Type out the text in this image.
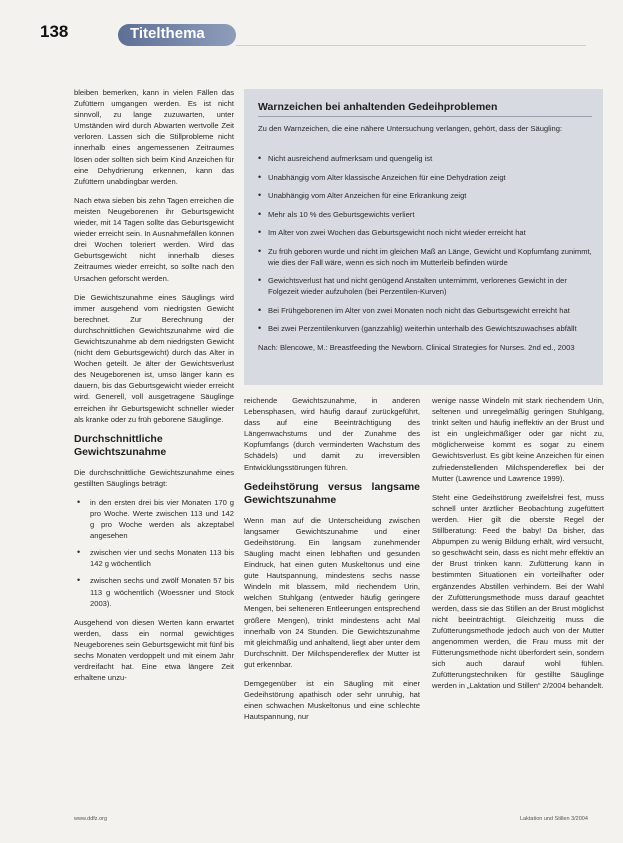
138	Titelthema
Warnzeichen bei anhaltenden Gedeihproblemen
Zu den Warnzeichen, die eine nähere Untersuchung verlangen, gehört, dass der Säugling:
• Nicht ausreichend aufmerksam und quengelig ist
• Unabhängig vom Alter klassische Anzeichen für eine Dehydration zeigt
• Unabhängig vom Alter Anzeichen für eine Erkrankung zeigt
• Mehr als 10 % des Geburtsgewichts verliert
• Im Alter von zwei Wochen das Geburtsgewicht noch nicht wieder erreicht hat
• Zu früh geboren wurde und nicht im gleichen Maß an Länge, Gewicht und Kopfumfang zunimmt, wie dies der Fall wäre, wenn es sich noch im Mutterleib befinden würde
• Gewichtsverlust hat und nicht genügend Anstalten unternimmt, verlorenes Gewicht in der Folgezeit wieder aufzuholen (bei Perzentilen-Kurven)
• Bei Frühgeborenen im Alter von zwei Monaten noch nicht das Geburtsgewicht erreicht hat
• Bei zwei Perzentilenkurven (ganzzahlig) weiterhin unterhalb des Gewichtszuwachses abfällt
Nach: Blencowe, M.: Breastfeeding the Newborn. Clinical Strategies for Nurses. 2nd ed., 2003

bleiben bemerken, kann in vielen Fällen das Zufüttern umgangen werden. Es ist nicht sinnvoll, zu lange zuzuwarten, unter Umständen wird durch Abwarten wertvolle Zeit verloren. Lassen sich die Stillprobleme nicht innerhalb eines angemessenen Zeitraumes lösen oder sollten sich beim Kind Anzeichen für eine Dehydrierung erkennen, kann das Zufüttern unabdingbar werden.

Nach etwa sieben bis zehn Tagen erreichen die meisten Neugeborenen ihr Geburtsgewicht wieder, mit 14 Tagen sollte das Geburtsgewicht wieder erreicht sein. In Ausnahmefällen können drei Wochen toleriert werden. Wird das Geburtsgewicht nicht innerhalb dieses Zeitraumes wieder erreicht, so sollte nach den Ursachen geforscht werden.

Die Gewichtszunahme eines Säuglings wird immer ausgehend vom niedrigsten Gewicht berechnet. Zur Berechnung der durchschnittlichen Gewichtszunahme wird die Gewichtszunahme ab dem niedrigsten Gewicht (nicht dem Geburtsgewicht) durch das Alter in Wochen geteilt. Je älter der Gewichtsverlust des Neugeborenen ist, umso länger kann es dauern, bis das Geburtsgewicht wieder erreicht wird. Generell, voll ausgetragene Säuglinge erreichen ihr Geburtsgewicht schneller wieder als kranke oder zu früh geborene Säuglinge.

Durchschnittliche Gewichtszunahme

Die durchschnittliche Gewichtszunahme eines gestillten Säuglings beträgt:

• in den ersten drei bis vier Monaten 170 g pro Woche. Werte zwischen 113 und 142 g pro Woche werden als akzeptabel angesehen
• zwischen vier und sechs Monaten 113 bis 142 g wöchentlich
• zwischen sechs und zwölf Monaten 57 bis 113 g wöchentlich (Woessner und Stock 2003).

Ausgehend von diesen Werten kann erwartet werden, dass ein normal gewichtiges Neugeborenes sein Geburtsgewicht mit fünf bis sechs Monaten verdoppelt und mit einem Jahr verdreifacht hat. Eine etwa längere Zeit erhaltene unzu-

reichende Gewichtszunahme, in anderen Lebensphasen, wird häufig darauf zurückgeführt, dass auf eine Beeinträchtigung des Längenwachstums und der Zunahme des Kopfumfangs (durch verminderten Wachstum des Schädels) und damit zu irreversiblen Entwicklungsstörungen führen.

Gedeihstörung versus langsame Gewichtszunahme

Wenn man auf die Unterscheidung zwischen langsamer Gewichtszunahme und einer Gedeihstörung. Ein langsam zunehmender Säugling macht einen lebhaften und gesunden Eindruck, hat einen guten Muskeltonus und eine gute Hautspannung, mindestens sechs nasse Windeln mit blassem, mild riechendem Urin, welchen Stuhlgang (entweder häufig geringere Mengen, bei selteneren Entleerungen entsprechend größere Mengen), trinkt mindestens acht Mal innerhalb von 24 Stunden. Die Gewichtszunahme mit gleichmäßig und anhaltend, liegt aber unter dem Durchschnitt. Der Milchspendereflex der Mutter ist gut erkennbar.

Demgegenüber ist ein Säugling mit einer Gedeihstörung apathisch oder sehr unruhig, hat einen schwachen Muskeltonus und eine schlechte Hautspannung, nur

wenige nasse Windeln mit stark riechendem Urin, seltenen und unregelmäßig geringen Stuhlgang, trinkt selten und häufig ineffektiv an der Brust und ist ein ungleichmäßiger oder gar nicht zu, möglicherweise kommt es sogar zu einem Gewichtsverlust. Es gibt keine Anzeichen für einen zufriedenstellenden Milchspendereflex bei der Mutter (Lawrence und Lawrence 1999).

Steht eine Gedeihstörung zweifelsfrei fest, muss schnell unter ärztlicher Beobachtung zugefüttert werden. Hier gilt die oberste Regel der Stillberatung: Feed the baby! Da bisher, das Abpumpen zu wenig Bildung erhält, wird versucht, so geschwächt sein, dass es nicht mehr effektiv an der Brust trinken kann. Zufütterung kann in bestimmten Situationen ein vorteilhafter oder ergänzendes Abstillen verhindern. Bei der Wahl der Zufütterungsmethode muss darauf geachtet werden, dass sie das Stillen an der Brust möglichst nicht beeinträchtigt. Gleichzeitig muss die Zufütterungsmethode jedoch auch von der Mutter angenommen werden, die Frau muss mit der Fütterungsmethode nicht überfordert sein, sondern sich auch darauf wohl fühlen. Zufütterungstechniken für gestillte Säuglinge werden in „Laktation und Stillen“ 2/2004 behandelt.

www.ddfz.org	Laktation und Stillen 3/2004
